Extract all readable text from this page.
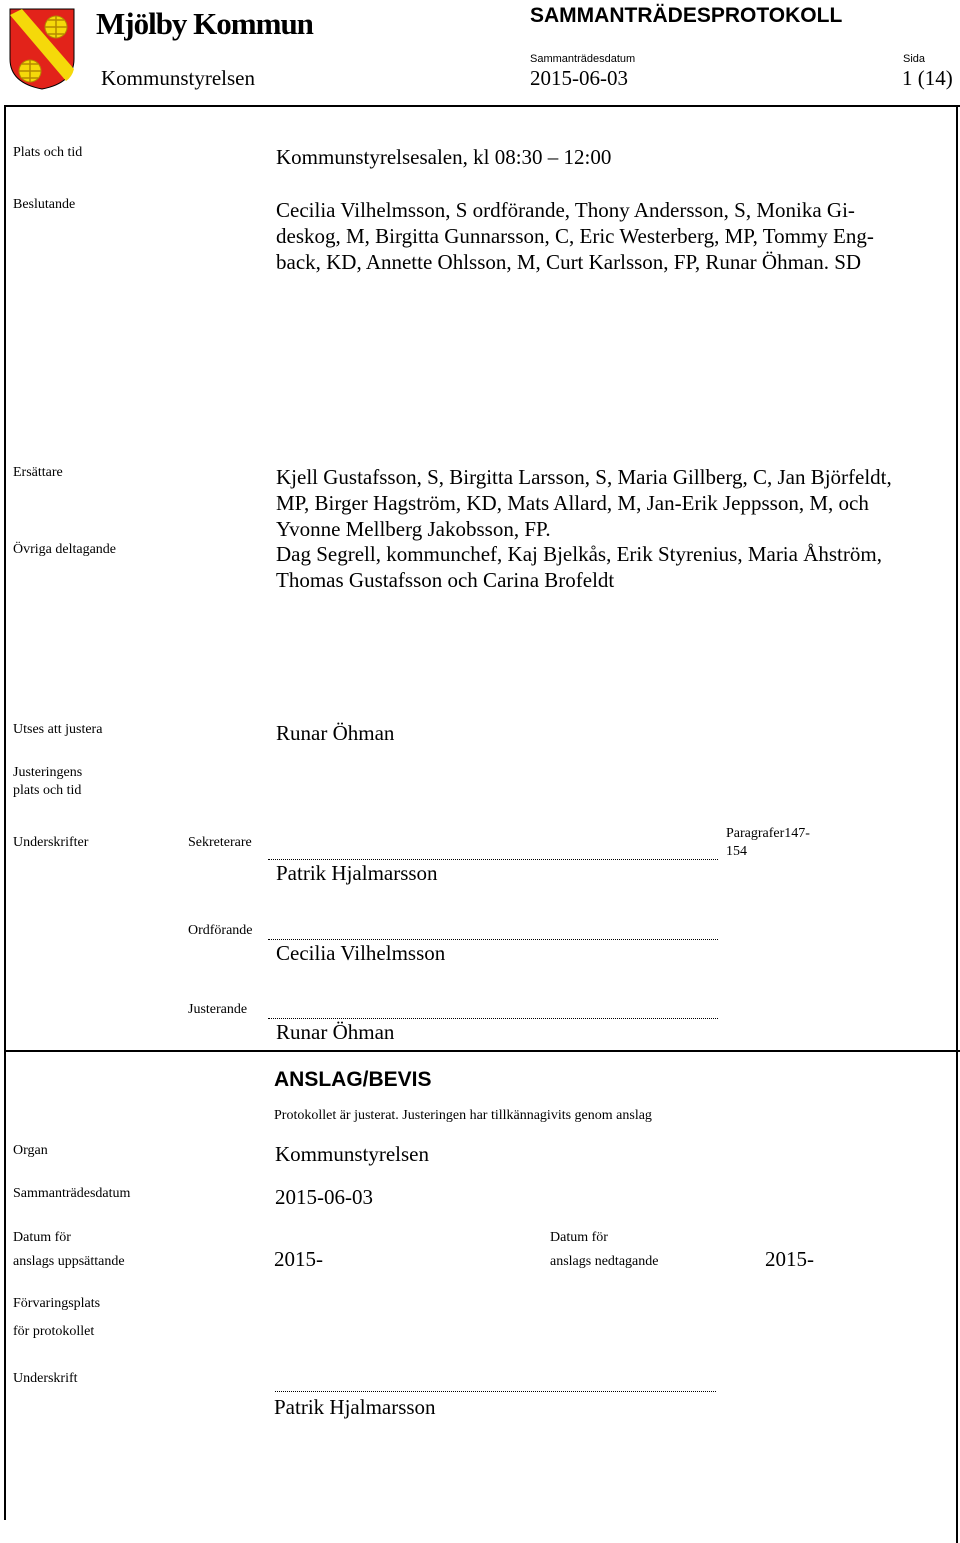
Mjölby Kommun	SAMMANTRÄDESPROTOKOLL
Sammanträdesdatum	Sida
Kommunstyrelsen	2015-06-03	1 (14)
Plats och tid	Kommunstyrelsesalen, kl 08:30 – 12:00
Beslutande	Cecilia Vilhelmsson, S ordförande, Thony Andersson, S, Monika Gi-
deskog, M, Birgitta Gunnarsson, C, Eric Westerberg, MP, Tommy Eng-
back, KD, Annette Ohlsson, M, Curt Karlsson, FP, Runar Öhman. SD
Ersättare	Kjell Gustafsson, S, Birgitta Larsson, S, Maria Gillberg, C, Jan Björfeldt,
MP, Birger Hagström, KD, Mats Allard, M, Jan-Erik Jeppsson, M, och
Yvonne Mellberg Jakobsson, FP.
Övriga deltagande	Dag Segrell, kommunchef, Kaj Bjelkås, Erik Styrenius, Maria Åhström,
Thomas Gustafsson och Carina Brofeldt
Utses att justera	Runar Öhman
Justeringens
plats och tid
Underskrifter	Sekreterare
Patrik Hjalmarsson
Paragrafer147-
154
Ordförande
Cecilia Vilhelmsson
Justerande
Runar Öhman
ANSLAG/BEVIS
Protokollet är justerat. Justeringen har tillkännagivits genom anslag
Organ	Kommunstyrelsen
Sammanträdesdatum	2015-06-03
Datum för
anslags uppsättande	2015-
Datum för
anslags nedtagande	2015-
Förvaringsplats
för protokollet
Underskrift
Patrik Hjalmarsson
